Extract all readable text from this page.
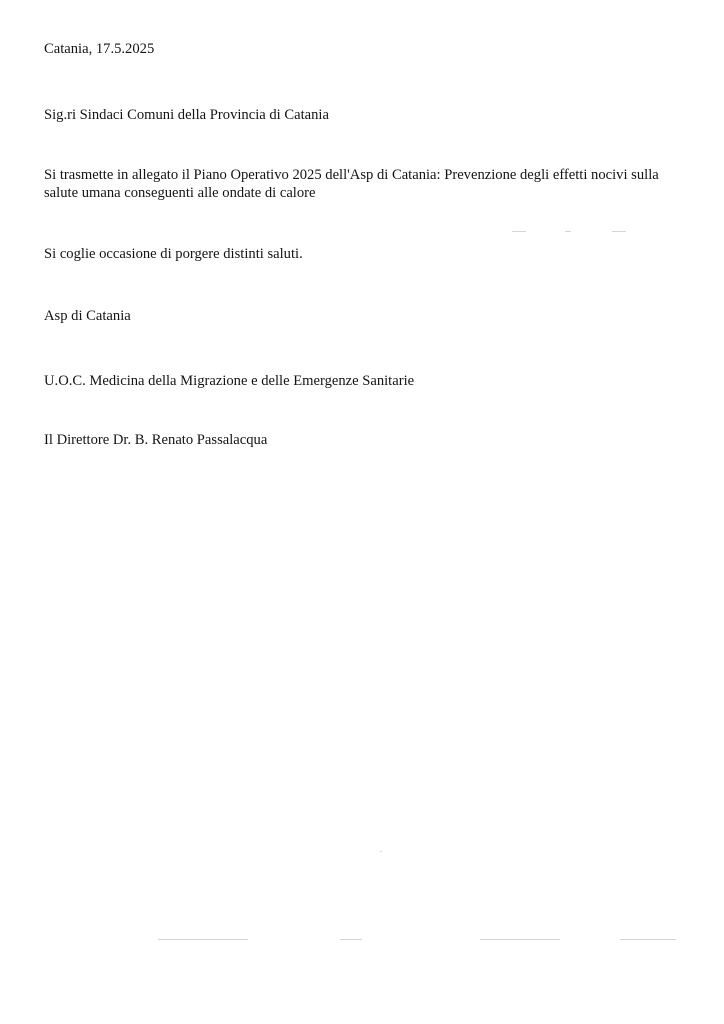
Catania, 17.5.2025
Sig.ri Sindaci Comuni della Provincia di Catania
Si trasmette in allegato il Piano Operativo 2025 dell'Asp di Catania: Prevenzione degli effetti nocivi sulla
salute umana conseguenti alle ondate di calore
Si coglie occasione di porgere distinti saluti.
Asp di Catania
U.O.C. Medicina della Migrazione e delle Emergenze Sanitarie
Il Direttore Dr. B. Renato Passalacqua
